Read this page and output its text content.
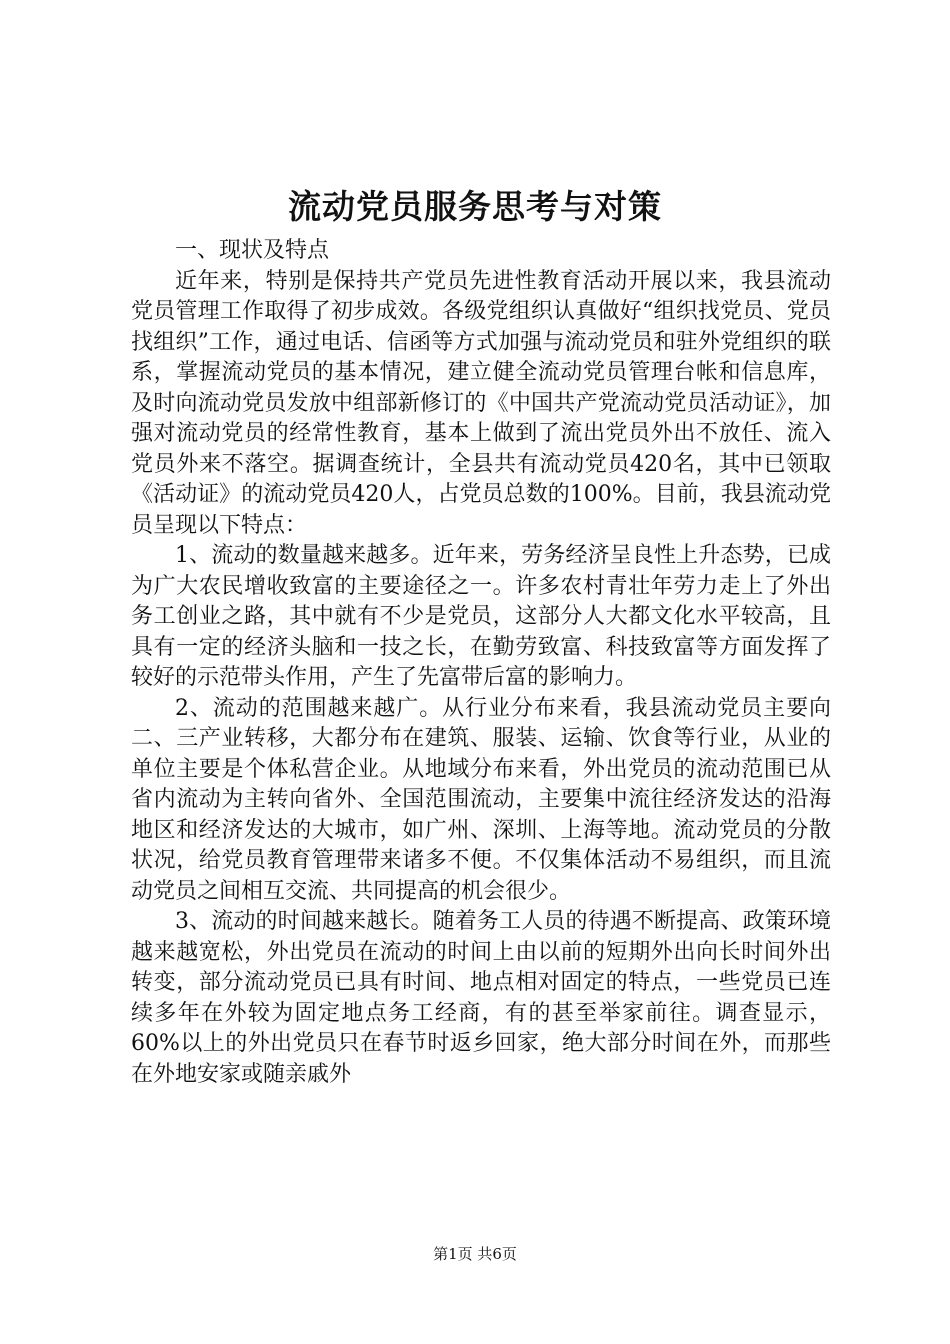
流动党员服务思考与对策

一、现状及特点

近年来，特别是保持共产党员先进性教育活动开展以来，我县流动党员管理工作取得了初步成效。各级党组织认真做好“组织找党员、党员找组织”工作，通过电话、信函等方式加强与流动党员和驻外党组织的联系，掌握流动党员的基本情况，建立健全流动党员管理台帐和信息库，及时向流动党员发放中组部新修订的《中国共产党流动党员活动证》，加强对流动党员的经常性教育，基本上做到了流出党员外出不放任、流入党员外来不落空。据调查统计，全县共有流动党员420名，其中已领取《活动证》的流动党员420人，占党员总数的100%。目前，我县流动党员呈现以下特点：

1、流动的数量越来越多。近年来，劳务经济呈良性上升态势，已成为广大农民增收致富的主要途径之一。许多农村青壮年劳力走上了外出务工创业之路，其中就有不少是党员，这部分人大都文化水平较高，且具有一定的经济头脑和一技之长，在勤劳致富、科技致富等方面发挥了较好的示范带头作用，产生了先富带后富的影响力。

2、流动的范围越来越广。从行业分布来看，我县流动党员主要向二、三产业转移，大都分布在建筑、服装、运输、饮食等行业，从业的单位主要是个体私营企业。从地域分布来看，外出党员的流动范围已从省内流动为主转向省外、全国范围流动，主要集中流往经济发达的沿海地区和经济发达的大城市，如广州、深圳、上海等地。流动党员的分散状况，给党员教育管理带来诸多不便。不仅集体活动不易组织，而且流动党员之间相互交流、共同提高的机会很少。

3、流动的时间越来越长。随着务工人员的待遇不断提高、政策环境越来越宽松，外出党员在流动的时间上由以前的短期外出向长时间外出转变，部分流动党员已具有时间、地点相对固定的特点，一些党员已连续多年在外较为固定地点务工经商，有的甚至举家前往。调查显示，60%以上的外出党员只在春节时返乡回家，绝大部分时间在外，而那些在外地安家或随亲戚外

第1页 共6页
